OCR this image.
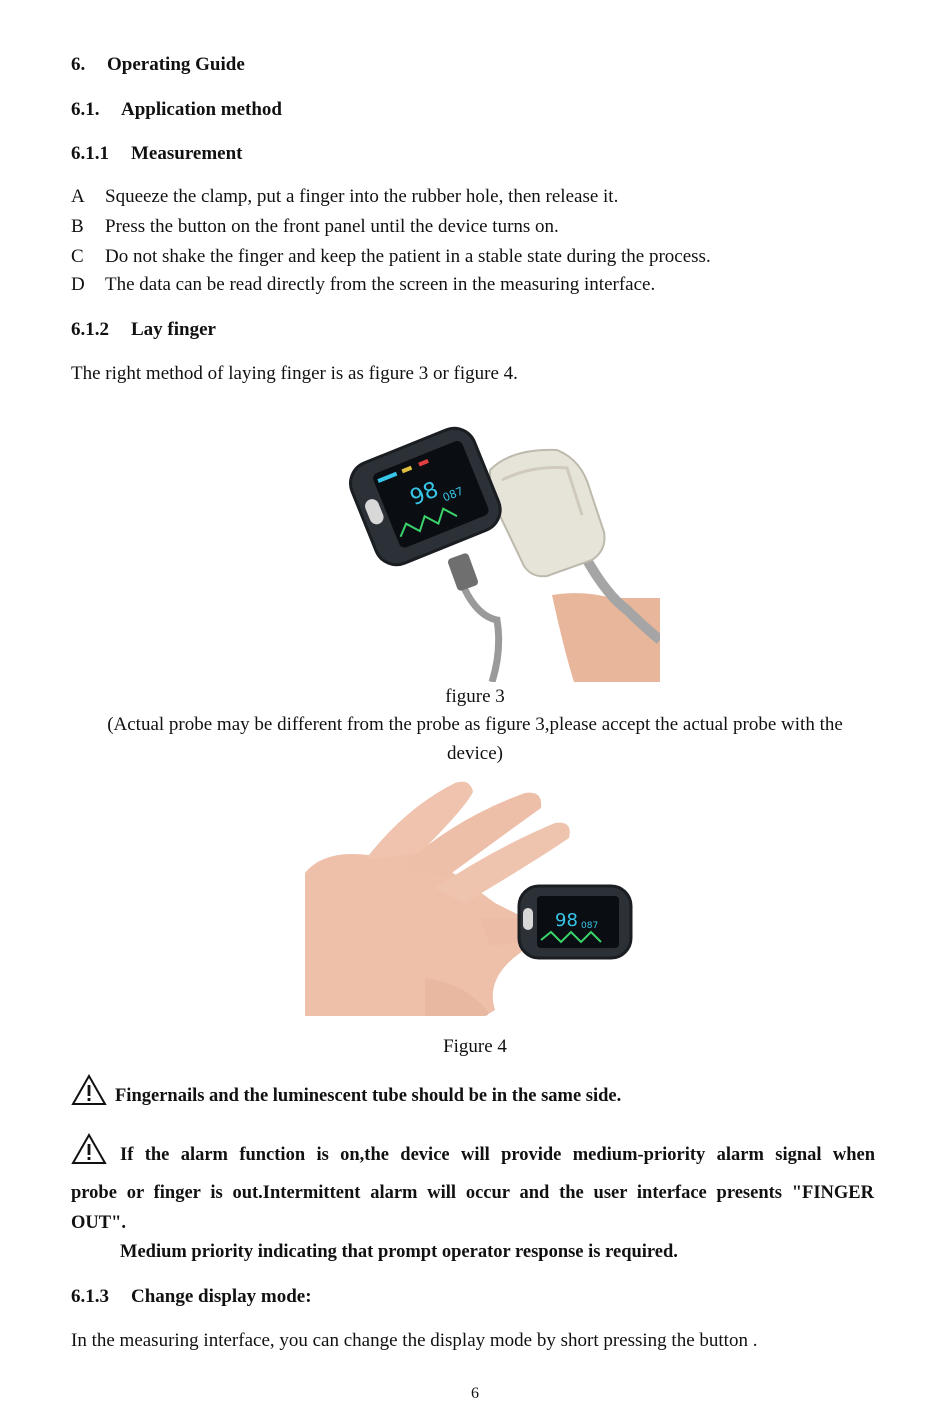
6. Operating Guide
6.1. Application method
6.1.1 Measurement
A Squeeze the clamp, put a finger into the rubber hole, then release it.
B Press the button on the front panel until the device turns on.
C Do not shake the finger and keep the patient in a stable state during the process.
D The data can be read directly from the screen in the measuring interface.
6.1.2 Lay finger
The right method of laying finger is as figure 3 or figure 4.
98
087
figure 3
(Actual probe may be different from the probe as figure 3,please accept the actual probe with the
device)
98 087
Figure 4
Fingernails and the luminescent tube should be in the same side.
If the alarm function is on,the device will provide medium-priority alarm signal when
probe or finger is out.Intermittent alarm will occur and the user interface presents "FINGER
OUT".
Medium priority indicating that prompt operator response is required.
6.1.3 Change display mode:
In the measuring interface, you can change the display mode by short pressing the button .
6
